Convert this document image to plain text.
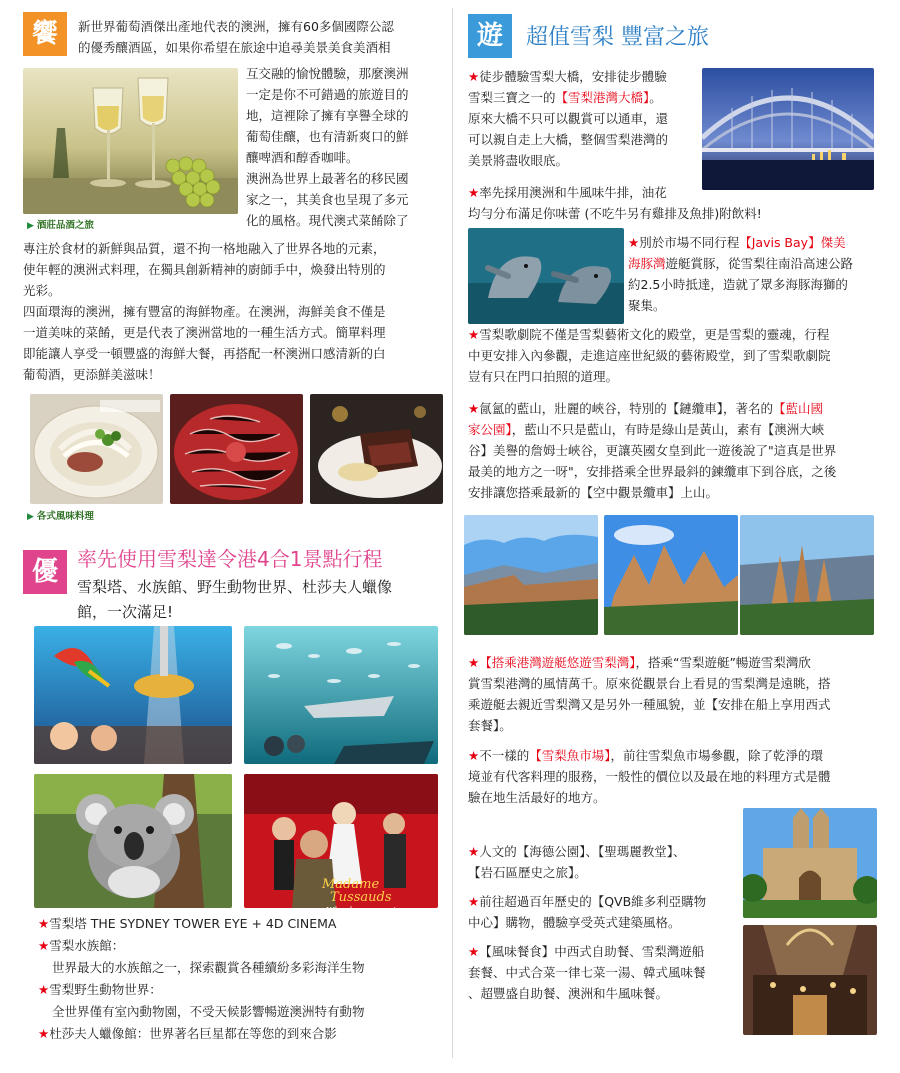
饗	新世界葡萄酒傑出產地代表的澳洲，擁有60多個國際公認
的優秀釀酒區，如果你希望在旅途中追尋美景美食美酒相
互交融的愉悅體驗，那麼澳洲
一定是你不可錯過的旅遊目的
地，這裡除了擁有享譽全球的
葡萄佳釀，也有清新爽口的鮮
釀啤酒和醇香咖啡。
澳洲為世界上最著名的移民國
家之一，其美食也呈現了多元
化的風格。現代澳式菜餚除了
▶ 酒莊品酒之旅
專注於食材的新鮮與品質，還不拘一格地融入了世界各地的元素，
使年輕的澳洲式料理，在獨具創新精神的廚師手中，煥發出特別的
光彩。
四面環海的澳洲，擁有豐富的海鮮物產。在澳洲，海鮮美食不僅是
一道美味的菜餚，更是代表了澳洲當地的一種生活方式。簡單料理
即能讓人享受一頓豐盛的海鮮大餐，再搭配一杯澳洲口感清新的白
葡萄酒，更添鮮美滋味！
▶ 各式風味料理
優 率先使用雪梨達令港4合1景點行程
雪梨塔、水族館、野生動物世界、杜莎夫人蠟像
館，一次滿足!
Madame
Tussauds
Who do you want
★雪梨塔 THE SYDNEY TOWER EYE + 4D CINEMA
★雪梨水族館：
世界最大的水族館之一，探索觀賞各種續紛多彩海洋生物
★雪梨野生動物世界：
全世界僅有室內動物園，不受天候影響暢遊澳洲特有動物
★杜莎夫人蠟像館：世界著名巨星都在等您的到來合影
遊	超值雪梨 豐富之旅
★徒步體驗雪梨大橋，安排徒步體驗
雪梨三寶之一的【雪梨港灣大橋】。
原來大橋不只可以觀賞可以通車，還
可以親自走上大橋，整個雪梨港灣的
美景將盡收眼底。
★率先採用澳洲和牛風味牛排，油花
均勻分布滿足你味蕾 (不吃牛另有雞排及魚排)附飲料!
★別於市場不同行程【Javis Bay】傑美
海豚灣遊艇賞豚，從雪梨往南沿高速公路
約2.5小時抵達，造就了眾多海豚海獅的
聚集。
★雪梨歌劇院不僅是雪梨藝術文化的殿堂，更是雪梨的靈魂，行程
中更安排入內參觀，走進這座世紀級的藝術殿堂，到了雪梨歌劇院
豈有只在門口拍照的道理。
★氤氳的藍山，壯麗的峽谷，特別的【鏈纜車】，著名的【藍山國
家公園】，藍山不只是藍山，有時是綠山是黃山，素有【澳洲大峽
谷】美譽的詹姆士峽谷，更讓英國女皇到此一遊後說了"這真是世界
最美的地方之一呀"，安排搭乘全世界最斜的鍊纜車下到谷底，之後
安排讓您搭乘最新的【空中觀景纜車】上山。
★【搭乘港灣遊艇悠遊雪梨灣】，搭乘“雪梨遊艇”暢遊雪梨灣欣
賞雪梨港灣的風情萬千。原來從觀景台上看見的雪梨灣是遠眺，搭
乘遊艇去親近雪梨灣又是另外一種風貌，並【安排在船上享用西式
套餐】。
★不一樣的【雪梨魚市場】，前往雪梨魚市場參觀，除了乾淨的環
境並有代客料理的服務，一般性的價位以及最在地的料理方式是體
驗在地生活最好的地方。
★人文的【海德公園】、【聖瑪麗教堂】、
【岩石區歷史之旅】。
★前往超過百年歷史的【QVB維多利亞購物
中心】購物，體驗享受英式建築風格。
★【風味餐食】中西式自助餐、雪梨灣遊船
套餐、中式合菜一律七菜一湯、韓式風味餐
、超豐盛自助餐、澳洲和牛風味餐。
